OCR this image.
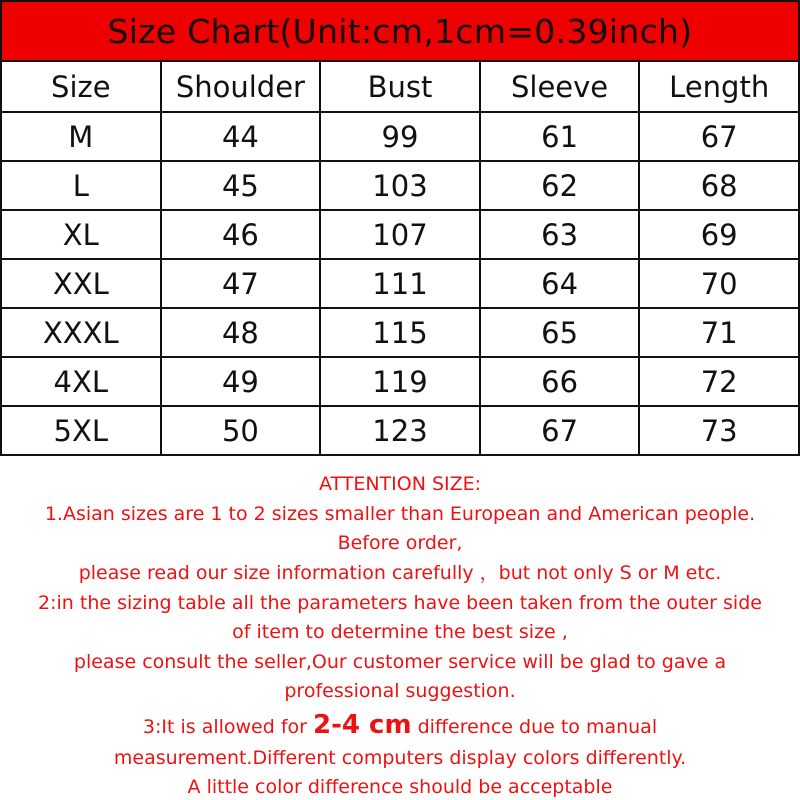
Size Chart(Unit:cm,1cm=0.39inch)
Size	Shoulder	Bust	Sleeve	Length
M	44	99	61	67
L	45	103	62	68
XL	46	107	63	69
XXL	47	111	64	70
XXXL	48	115	65	71
4XL	49	119	66	72
5XL	50	123	67	73
ATTENTION SIZE:
1.Asian sizes are 1 to 2 sizes smaller than European and American people.
Before order,
please read our size information carefully ，but not only S or M etc.
2:in the sizing table all the parameters have been taken from the outer side
of item to determine the best size ,
please consult the seller,Our customer service will be glad to gave a
professional suggestion.
3:It is allowed for 2-4 cm difference due to manual
measurement.Different computers display colors differently.
A little color difference should be acceptable
